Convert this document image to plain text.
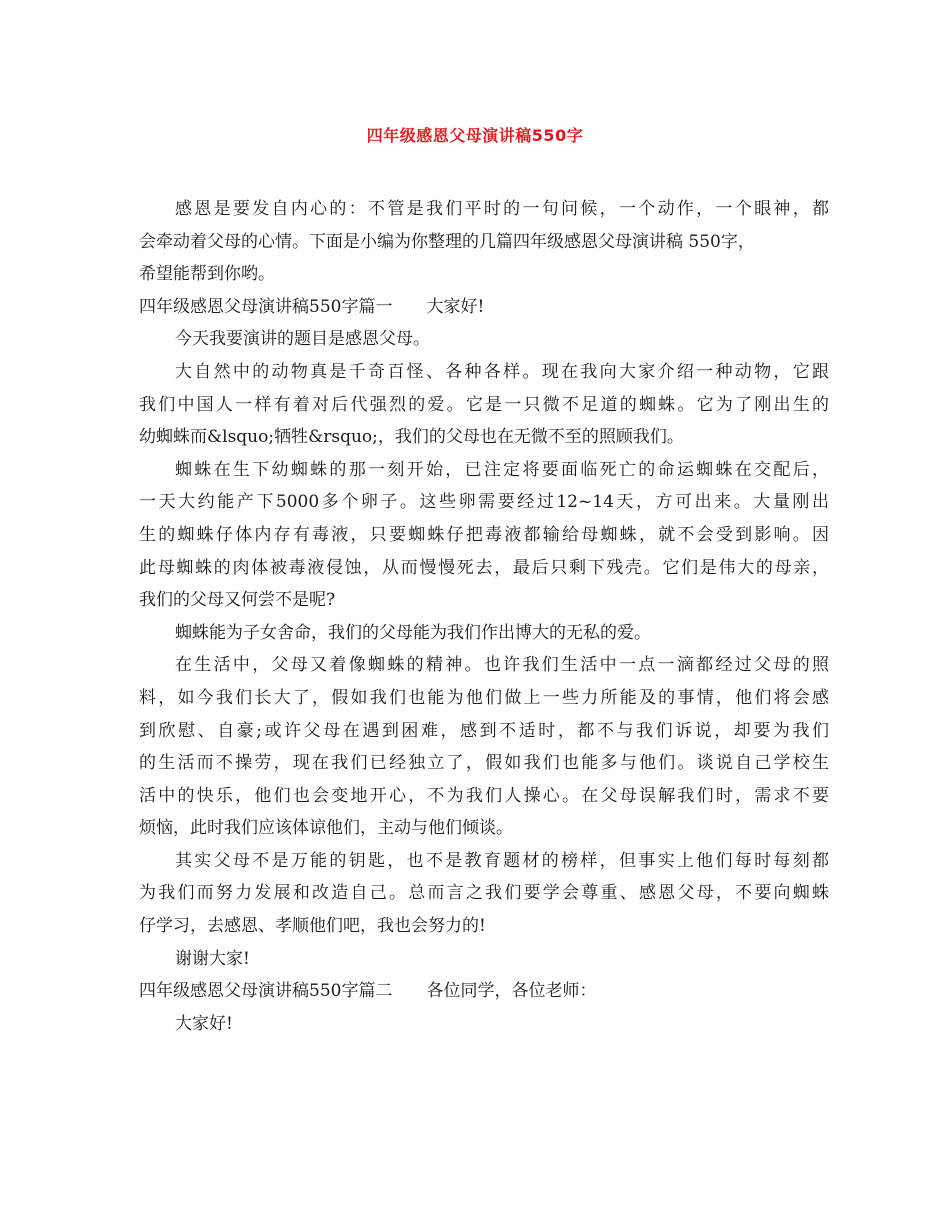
四年级感恩父母演讲稿550字
感恩是要发自内心的：不管是我们平时的一句问候，一个动作，一个眼神，都
会牵动着父母的心情。下面是小编为你整理的几篇四年级感恩父母演讲稿 550字，
希望能帮到你哟。
四年级感恩父母演讲稿550字篇一　　大家好!
今天我要演讲的题目是感恩父母。
大自然中的动物真是千奇百怪、各种各样。现在我向大家介绍一种动物，它跟
我们中国人一样有着对后代强烈的爱。它是一只微不足道的蜘蛛。它为了刚出生的
幼蜘蛛而&lsquo;牺牲&rsquo;，我们的父母也在无微不至的照顾我们。
蜘蛛在生下幼蜘蛛的那一刻开始，已注定将要面临死亡的命运蜘蛛在交配后，
一天大约能产下5000多个卵子。这些卵需要经过12~14天，方可出来。大量刚出
生的蜘蛛仔体内存有毒液，只要蜘蛛仔把毒液都输给母蜘蛛，就不会受到影响。因
此母蜘蛛的肉体被毒液侵蚀，从而慢慢死去，最后只剩下残壳。它们是伟大的母亲，
我们的父母又何尝不是呢?
蜘蛛能为子女舍命，我们的父母能为我们作出博大的无私的爱。
在生活中，父母又着像蜘蛛的精神。也许我们生活中一点一滴都经过父母的照
料，如今我们长大了，假如我们也能为他们做上一些力所能及的事情，他们将会感
到欣慰、自豪;或许父母在遇到困难，感到不适时，都不与我们诉说，却要为我们
的生活而不操劳，现在我们已经独立了，假如我们也能多与他们。谈说自己学校生
活中的快乐，他们也会变地开心，不为我们人操心。在父母误解我们时，需求不要
烦恼，此时我们应该体谅他们，主动与他们倾谈。
其实父母不是万能的钥匙，也不是教育题材的榜样，但事实上他们每时每刻都
为我们而努力发展和改造自己。总而言之我们要学会尊重、感恩父母，不要向蜘蛛
仔学习，去感恩、孝顺他们吧，我也会努力的!
谢谢大家!
四年级感恩父母演讲稿550字篇二　　各位同学，各位老师：
大家好!
